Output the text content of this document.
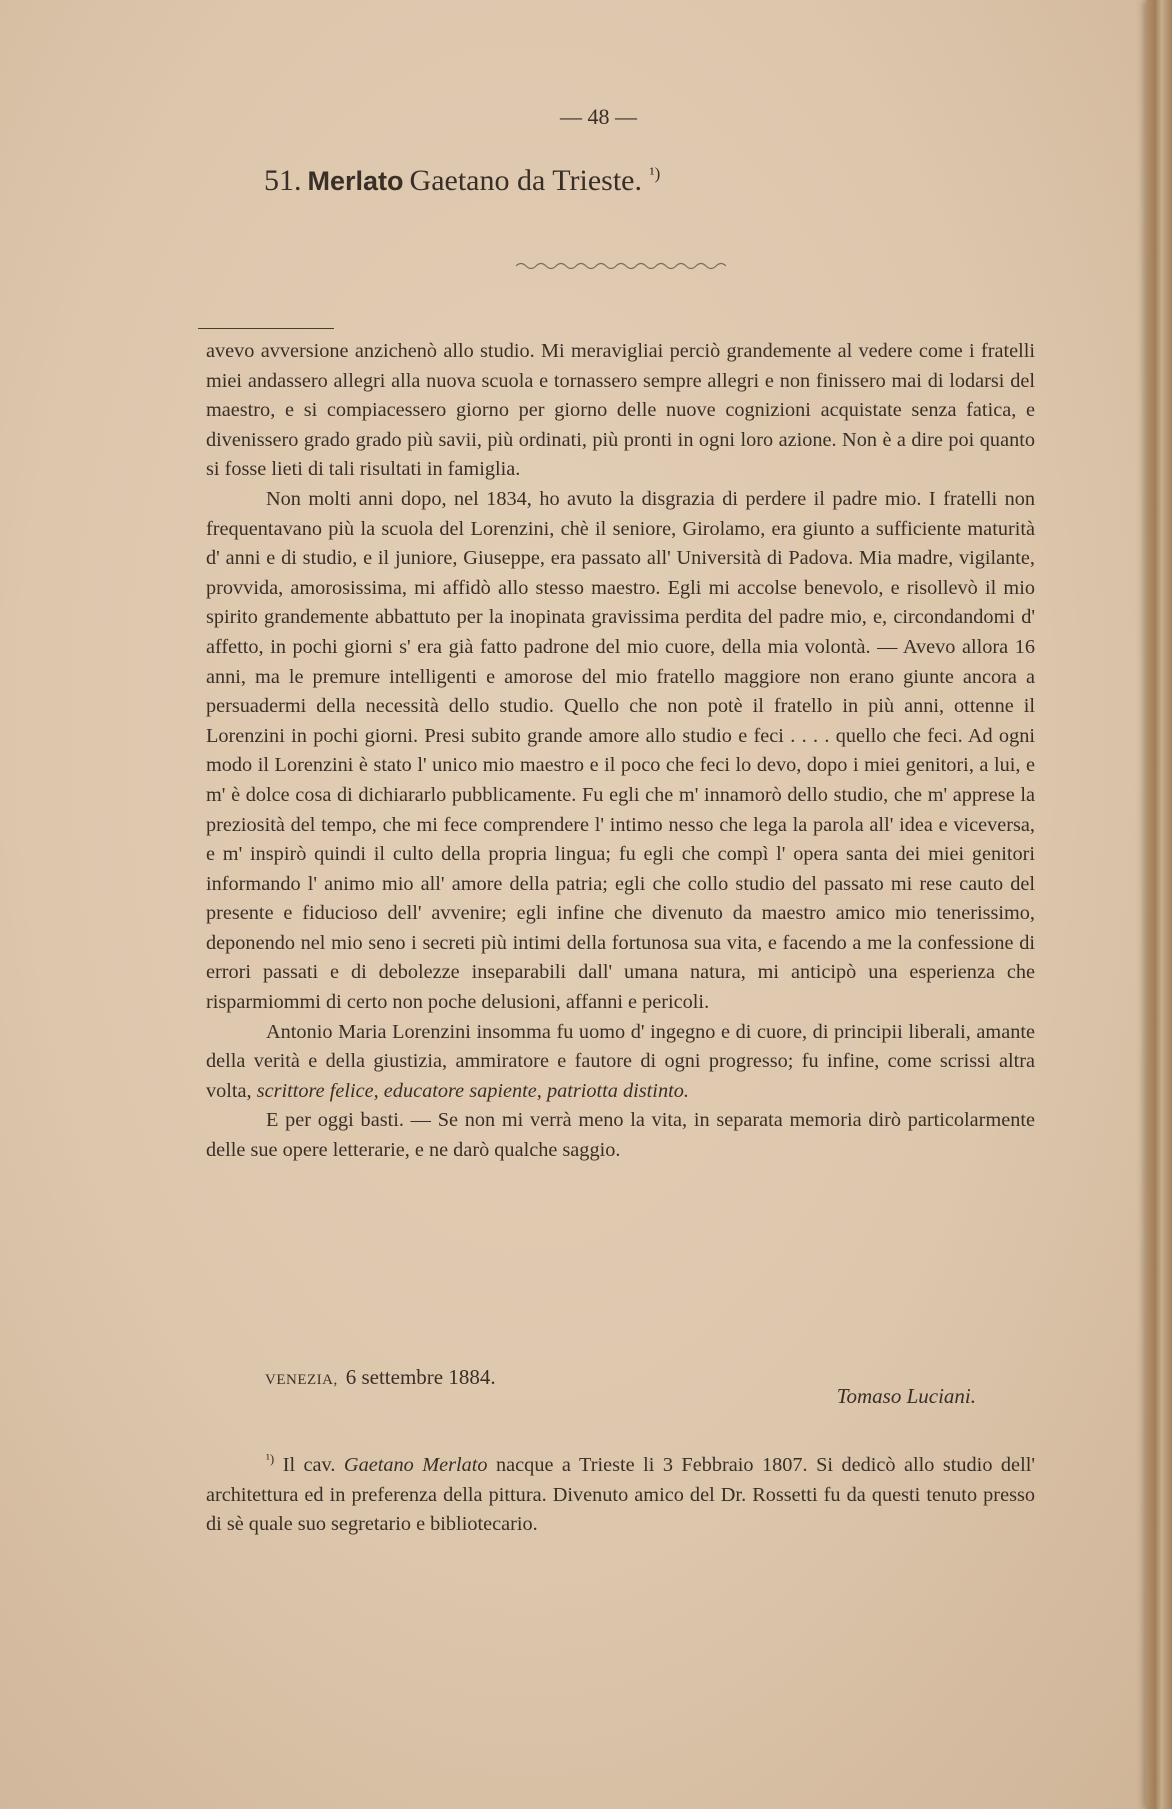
— 48 —
51. Merlato Gaetano da Trieste. $^{^1)}$

avevo avversione anzichenò allo studio. Mi meravigliai perciò grandemente al vedere come i fratelli miei andassero allegri alla nuova scuola e tornassero sempre allegri e non finissero mai di lodarsi del maestro, e si compiacessero giorno per giorno delle nuove cognizioni acquistate senza fatica, e divenissero grado grado più savii, più ordinati, più pronti in ogni loro azione. Non è a dire poi quanto si fosse lieti di tali risultati in famiglia.

Non molti anni dopo, nel 1834, ho avuto la disgrazia di perdere il padre mio. I fratelli non frequentavano più la scuola del Lorenzini, chè il seniore, Girolamo, era giunto a sufficiente maturità d' anni e di studio, e il juniore, Giuseppe, era passato all' Università di Padova. Mia madre, vigilante, provvida, amorosissima, mi affidò allo stesso maestro. Egli mi accolse benevolo, e risollevò il mio spirito grandemente abbattuto per la inopinata gravissima perdita del padre mio, e, circondandomi d' affetto, in pochi giorni s' era già fatto padrone del mio cuore, della mia volontà. — Avevo allora 16 anni, ma le premure intelligenti e amorose del mio fratello maggiore non erano giunte ancora a persuadermi della necessità dello studio. Quello che non potè il fratello in più anni, ottenne il Lorenzini in pochi giorni. Presi subito grande amore allo studio e feci . . . . quello che feci. Ad ogni modo il Lorenzini è stato l' unico mio maestro e il poco che feci lo devo, dopo i miei genitori, a lui, e m' è dolce cosa di dichiararlo pubblicamente. Fu egli che m' innamorò dello studio, che m' apprese la preziosità del tempo, che mi fece comprendere l' intimo nesso che lega la parola all' idea e viceversa, e m' inspirò quindi il culto della propria lingua; fu egli che compì l' opera santa dei miei genitori informando l' animo mio all' amore della patria; egli che collo studio del passato mi rese cauto del presente e fiducioso dell' avvenire; egli infine che divenuto da maestro amico mio tenerissimo, deponendo nel mio seno i secreti più intimi della fortunosa sua vita, e facendo a me la confessione di errori passati e di debolezze inseparabili dall' umana natura, mi anticipò una esperienza che risparmiommi di certo non poche delusioni, affanni e pericoli.

Antonio Maria Lorenzini insomma fu uomo d' ingegno e di cuore, di principii liberali, amante della verità e della giustizia, ammiratore e fautore di ogni progresso; fu infine, come scrissi altra volta, scrittore felice, educatore sapiente, patriotta distinto.

E per oggi basti. — Se non mi verrà meno la vita, in separata memoria dirò particolarmente delle sue opere letterarie, e ne darò qualche saggio.

VENEZIA, 6 settembre 1884.
Tomaso Luciani.
$^{^1)}$ Il cav. Gaetano Merlato nacque a Trieste li 3 Febbraio 1807. Si dedicò allo studio dell' architettura ed in preferenza della pittura. Divenuto amico del Dr. Rossetti fu da questi tenuto presso di sè quale suo segretario e bibliotecario.
